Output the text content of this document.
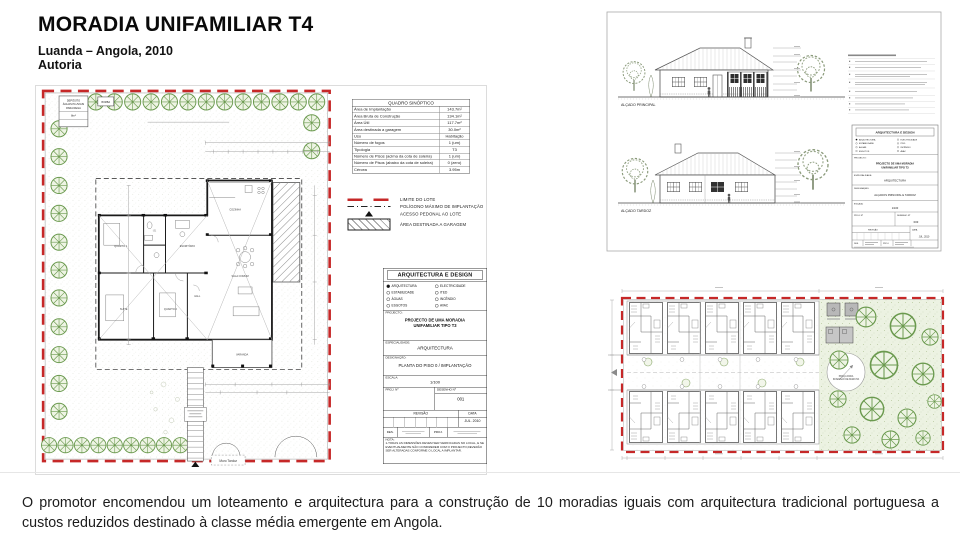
MORADIA UNIFAMILIAR T4
Luanda – Angola, 2010
Autoria
DEPÓSITO
ÁGUAS PLUVIAIS
PARA REGA
8m³
BOMBA
QUARTO 1
I.S.
ESCRITÓRIO
SUITE	QUARTO 2
HALL
SALA COMUM
COZINHA
VARANDA
Muro Tardoz
QUADRO SINÓPTICO
Área de Implantação	143.7m²
Área Bruta de Construção	134.1m²
Área Útil	117.7m²
Área destinada a garagem	30.0m²
Uso	Habitação
Número de fogos	1 (um)
Tipologia	T3
Número de Pisos (acima da cota de soleira)	1 (um)
Número de Pisos (abaixo da cota de soleira)	0 (zero)
Cércea	3.95m
LIMITE DO LOTE
POLÍGONO MÁXIMO DE IMPLANTAÇÃO
ACESSO PEDONAL AO LOTE
ÁREA DESTINADA A GARAGEM
ARQUITECTURA E DESIGN
ARQUITECTURA	ELECTRICIDADE
ESTABILIDADE	ITED
ÁGUAS	INCÊNDIO
ESGOTOS	AVAC
PROJECTO:
PROJECTO DE UMA MORADIA
UNIFAMILIAR TIPO T3
ESPECIALIDADE:
ARQUITECTURA
DESIGNAÇÃO:
PLANTA DO PISO 0 / IMPLANTAÇÃO
ESCALA:
1/100
PROJ. Nº	DESENHO Nº
001
REVISÃO	DATA
JUL. 2010
DES.	PROJ.
NOTA:
1-TODAS AS DIMENSÕES DEVEM SER VERIFICADAS NO LOCAL, E SE EVENTUALMENTE NÃO CONDIZEREM COM O PROJECTO,DEVERÃO SER ALTERADAS CONFORME O LOCAL A IMPLANTAR.
ALÇADO PRINCIPAL
ALÇADO TARDOZ
ARQUITECTURA E DESIGN
ARQUITECTURA	ELECTRICIDADE
ESTABILIDADE	ITED
ÁGUAS	INCÊNDIO
ESGOTOS	AVAC
PROJECTO:
PROJECTO DE UMA MORADIA
UNIFAMILIAR TIPO T3
ESPECIALIDADE:
ARQUITECTURA
DESIGNAÇÃO:
ALÇADOS PRINCIPAL E TARDOZ
ESCALA:
1/100
PROJ. Nº	DESENHO Nº
003
REVISÃO	DATA
JUL. 2010
DES.	PROJ.
PRAÇA PARA
INVERSÃO DE MARCHA

O promotor encomendou um loteamento e arquitectura para a construção de 10 moradias iguais com arquitectura tradicional portuguesa a custos reduzidos destinado à classe média emergente em Angola.
